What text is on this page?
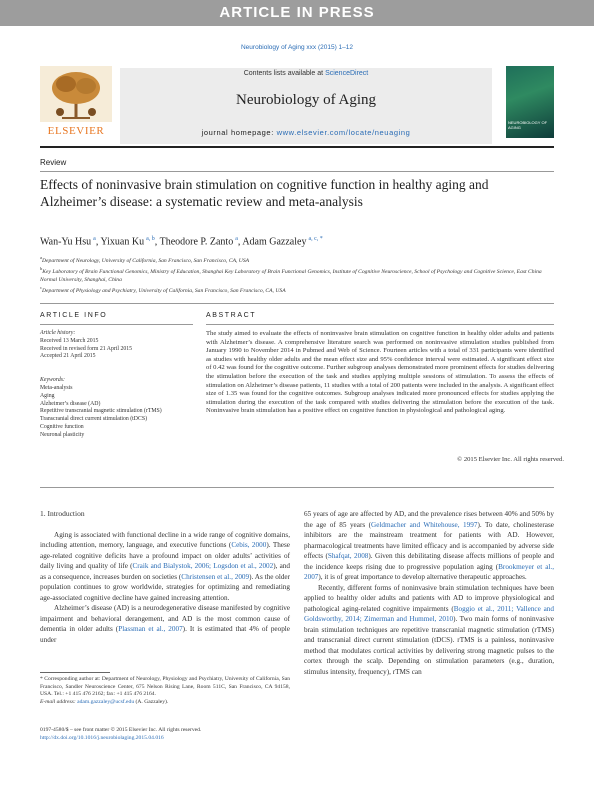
ARTICLE IN PRESS
Neurobiology of Aging xxx (2015) 1–12
Contents lists available at ScienceDirect
Neurobiology of Aging
journal homepage: www.elsevier.com/locate/neuaging
ELSEVIER
NEUROBIOLOGY OF AGING
Review
Effects of noninvasive brain stimulation on cognitive function in healthy aging and Alzheimer’s disease: a systematic review and meta-analysis
Wan-Yu Hsu  $^a$, Yixuan Ku  $^{a, b}$, Theodore P. Zanto  $^a$, Adam Gazzaley  $^{a, c, *}$
$^a$Department of Neurology, University of California, San Francisco, San Francisco, CA, USA
$^b$Key Laboratory of Brain Functional Genomics, Ministry of Education, Shanghai Key Laboratory of Brain Functional Genomics, Institute of Cognitive Neuroscience, School of Psychology and Cognitive Science, East China Normal University, Shanghai, China
$^c$Department of Physiology and Psychiatry, University of California, San Francisco, San Francisco, CA, USA
ARTICLE INFO	ABSTRACT
Article history:
Received 13 March 2015
Received in revised form 21 April 2015
Accepted 21 April 2015
Keywords:
Meta-analysis
Aging
Alzheimer’s disease (AD)
Repetitive transcranial magnetic stimulation (rTMS)
Transcranial direct current stimulation (tDCS)
Cognitive function
Neuronal plasticity
The study aimed to evaluate the effects of noninvasive brain stimulation on cognitive function in healthy older adults and patients with Alzheimer’s disease. A comprehensive literature search was performed on noninvasive stimulation studies published from January 1990 to November 2014 in Pubmed and Web of Science. Fourteen articles with a total of 331 participants were identified as studies with healthy older adults and the mean effect size and 95% confidence interval were estimated. A significant effect size of 0.42 was found for the cognitive outcome. Further subgroup analyses demonstrated more prominent effects for studies delivering the stimulation before the execution of the task and studies applying multiple sessions of stimulation. To assess the effects of stimulation on Alzheimer’s disease patients, 11 studies with a total of 200 patients were included in the analysis. A significant effect size of 1.35 was found for the cognitive outcomes. Subgroup analyses indicated more pronounced effects for studies applying the stimulation during the execution of the task compared with studies delivering the stimulation before the execution of the task. Noninvasive brain stimulation has a positive effect on cognitive function in physiological and pathological aging.
© 2015 Elsevier Inc. All rights reserved.
1. Introduction
Aging is associated with functional decline in a wide range of cognitive domains, including attention, memory, language, and executive functions (Cebis, 2000). These age-related cognitive deficits have a profound impact on older adults’ activities of daily living and quality of life (Craik and Bialystok, 2006; Logsdon et al., 2002), and as a consequence, increases burden on societies (Christensen et al., 2009). As the older population continues to grow worldwide, strategies for optimizing and remediating age-associated cognitive decline have gained increasing attention.
Alzheimer’s disease (AD) is a neurodegenerative disease manifested by cognitive impairment and behavioral derangement, and AD is the most common cause of dementia in older adults (Plassman et al., 2007). It is estimated that 4% of people under
65 years of age are affected by AD, and the prevalence rises between 40% and 50% by the age of 85 years (Geldmacher and Whitehouse, 1997). To date, cholinesterase inhibitors are the mainstream treatment for patients with AD. However, pharmacological treatments have limited efficacy and is accompanied by adverse side effects (Shafqat, 2008). Given this debilitating disease affects millions of people and the incidence keeps rising due to progressive population aging (Brookmeyer et al., 2007), it is of great importance to develop alternative therapeutic approaches.
Recently, different forms of noninvasive brain stimulation techniques have been applied to healthy older adults and patients with AD to improve physiological and pathological aging-related cognitive impairments (Boggio et al., 2011; Vallence and Goldsworthy, 2014; Zimerman and Hummel, 2010). Two main forms of noninvasive brain stimulation techniques are repetitive transcranial magnetic stimulation (rTMS) and transcranial direct current stimulation (tDCS). rTMS is a painless, noninvasive method that modulates cortical activities by delivering strong magnetic pulses to the cortex through the scalp. Depending on stimulation parameters (e.g., duration, stimulus intensity, frequency), rTMS can
* Corresponding author at: Department of Neurology, Physiology and Psychiatry, University of California, San Francisco, Sandler Neuroscience Center, 675 Nelson Rising Lane, Room 511C, San Francisco, CA 94158, USA. Tel.: +1 415 476 2162; fax: +1 415 476 2164.
E-mail address: adam.gazzaley@ucsf.edu (A. Gazzaley).
0197-4580/$ – see front matter © 2015 Elsevier Inc. All rights reserved.
http://dx.doi.org/10.1016/j.neurobiolaging.2015.04.016
